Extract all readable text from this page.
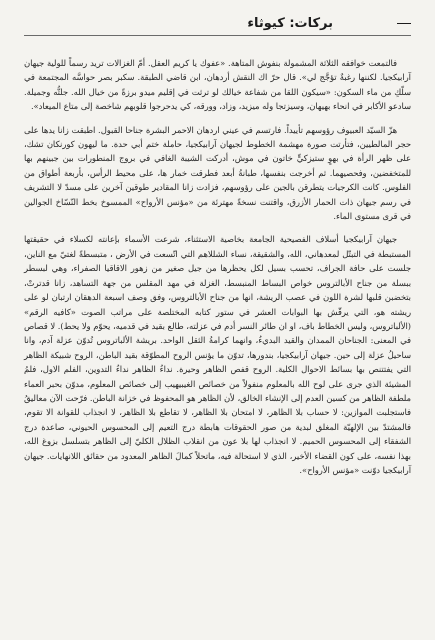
بركات: كيوثاء

فالتمعت خوافقه الثلاثة المشمولة بنفوش المتاهة. «عفوك يا كريم العقل. أمّ الغزالات تريد رسماً للولية جيهان آرابيكجيا. لكننها رغبةٌ تؤجَّج لي». قال حرّ اك النقش أردهان، ابن قاضي الطبقة. سكبر بصر حواسَّه المجتمعة في سلّكِ من ماء السكون: «سيكون اللقا من شفاعة خيالك لو ترثت في إقليم ميدو برزةً من خيال الله. جلتُّه وجميلة. سادعو الأكابر في انحاء بهيهان، وسيزتجا وله ميزيد، وزاد، وورقه، كي يدحرجوا قلوبهم شاخصة إلى متاع الميعاد».

هزّ السيّد العبيوف رؤوسهم تأييداً. فارتسم في عيني اردهان الاحمر البشرة جناحا القبول. اطبقت زانا يدها على حجر المالطيين، فتأرتت صورة مهشمة الخطوط لجيهان آرابيكجيا، حاملة ختم أبي حدة. ما ليهون كورنكان تشك، على ظهر الرأة في بهوٍ ستيزكيٍّ خاتون في موش، أدركت الشيبة الغافي في بروج المنطورات بين جبينهم بها للمتخفضين، وفحصيهما. ثم أخرجت بنفسها، طبانةُ أبعد فطرقت خمار ها، على محيط الرأس، بأربعة أطواق من الفلوس. كانت الكرجيات يتطرقن بالجين على رؤوسهم، فزادت زانا المقادير طوقين آخرين على مسدّ لا التشريف في رسم جيهان ذات الحمار الأزرق، واقتنت نسخةً مهترئة من «مؤنس الأرواح» الممسوخ بخط النّسّاخ الجوالين في قرى مستوى الماء.

جيهان آرابيكجيا أسلاف الفصيحية الجامعة بخاصية الاستثناء، شرعت الأسماء بإعانته لكسلاء في حقيقتها المستبطة في التبتّل لمعدهاني، الله، والشقيقة، نساء الشللاهم التي اتّسعت في الأرض ، متبسطةً لغتيّ مع الناين، جلست على حافة الجراف، تحسب بسيل لكل يحظرها من جيل صغير من زهور الاقاقيا الصفراء، وهي لبسطر ببسلة من جناح الأبالتروس خواص البساط المنبسط، الغزلة في مهد المقلس من جهة التساهد، زانا قدترتْ، بتخضبن قلبها لشرة اللون في عصب الريشة، انها من جناح الأبالتروس، وفق وصف اسبعة الدهقان ارتبان لو على ريشته هو، التي يرقّش بها البوابات العشر في ستور كتابه المختلصة على مراتب الصوت «كافيه الرقم» (الألباتروس، وليس الخطاط باف، او ان طائر النسر أدم في عزلته، طالع بقيد في قدميه، يحوّم ولا يحط). لا قصاص في المعنى: الجناحان الممدان والقيد البديءُ، وانهما كرامةُ الثقل الواحد. بريشة الألباتروس تُدوّن عزلة آدم، وانا ساحيلُ عزلة إلى حين. جيهان آرابيكجيا، بندورها، تدوّن ما يؤنس الروح المطوّقة بقيد الباطن، الروح شبيكة الظاهر التي يفتتنص بها بسائط الاحوال الكلية. الروح قفص الظاهر وحيرة. نداءُ الظاهر نداءُ التدوين، الفلم الاول، فلمُ المشيئة الذي جرى على لوح الله بالمعلوم منفولاً من خصائص الغيبيهيب إلى خصائص المعلوم، مدوّن بحبر العماء ملطفة الظاهر من كسين العدم إلى الإنشاء الخالق، لأن الظاهر هو المحفوظ في خزانة الباطن. فرّحت الآن معاليقُ فاستجلبت الموازين: لا حساب بلا الظاهر، لا امتحان بلا الظاهر، لا تقاطع بلا الظاهر، لا انجذاب للقوانة الا تقوم، فالمشتدّ بين الإلهيّة المغلق لبدية من صور الحقوقات هابطة درج التعيم إلى المحسوس الحيوني، صاعدة درج الشفقاء إلى المحسوس الحميم. لا انجذاب لها بلا عون من انقلاب الظلال الكليّ إلى الظاهر بتسلسل بزوغ الله، بهذا نفسه، على كون القضاء الأخير، الذي لا استحالة فيه، ماتحلاً كمالَ الظاهر المعدود من حقائق اللانهايات. جيهان آرابيكجيا دوّنت «مؤنس الأرواح».
